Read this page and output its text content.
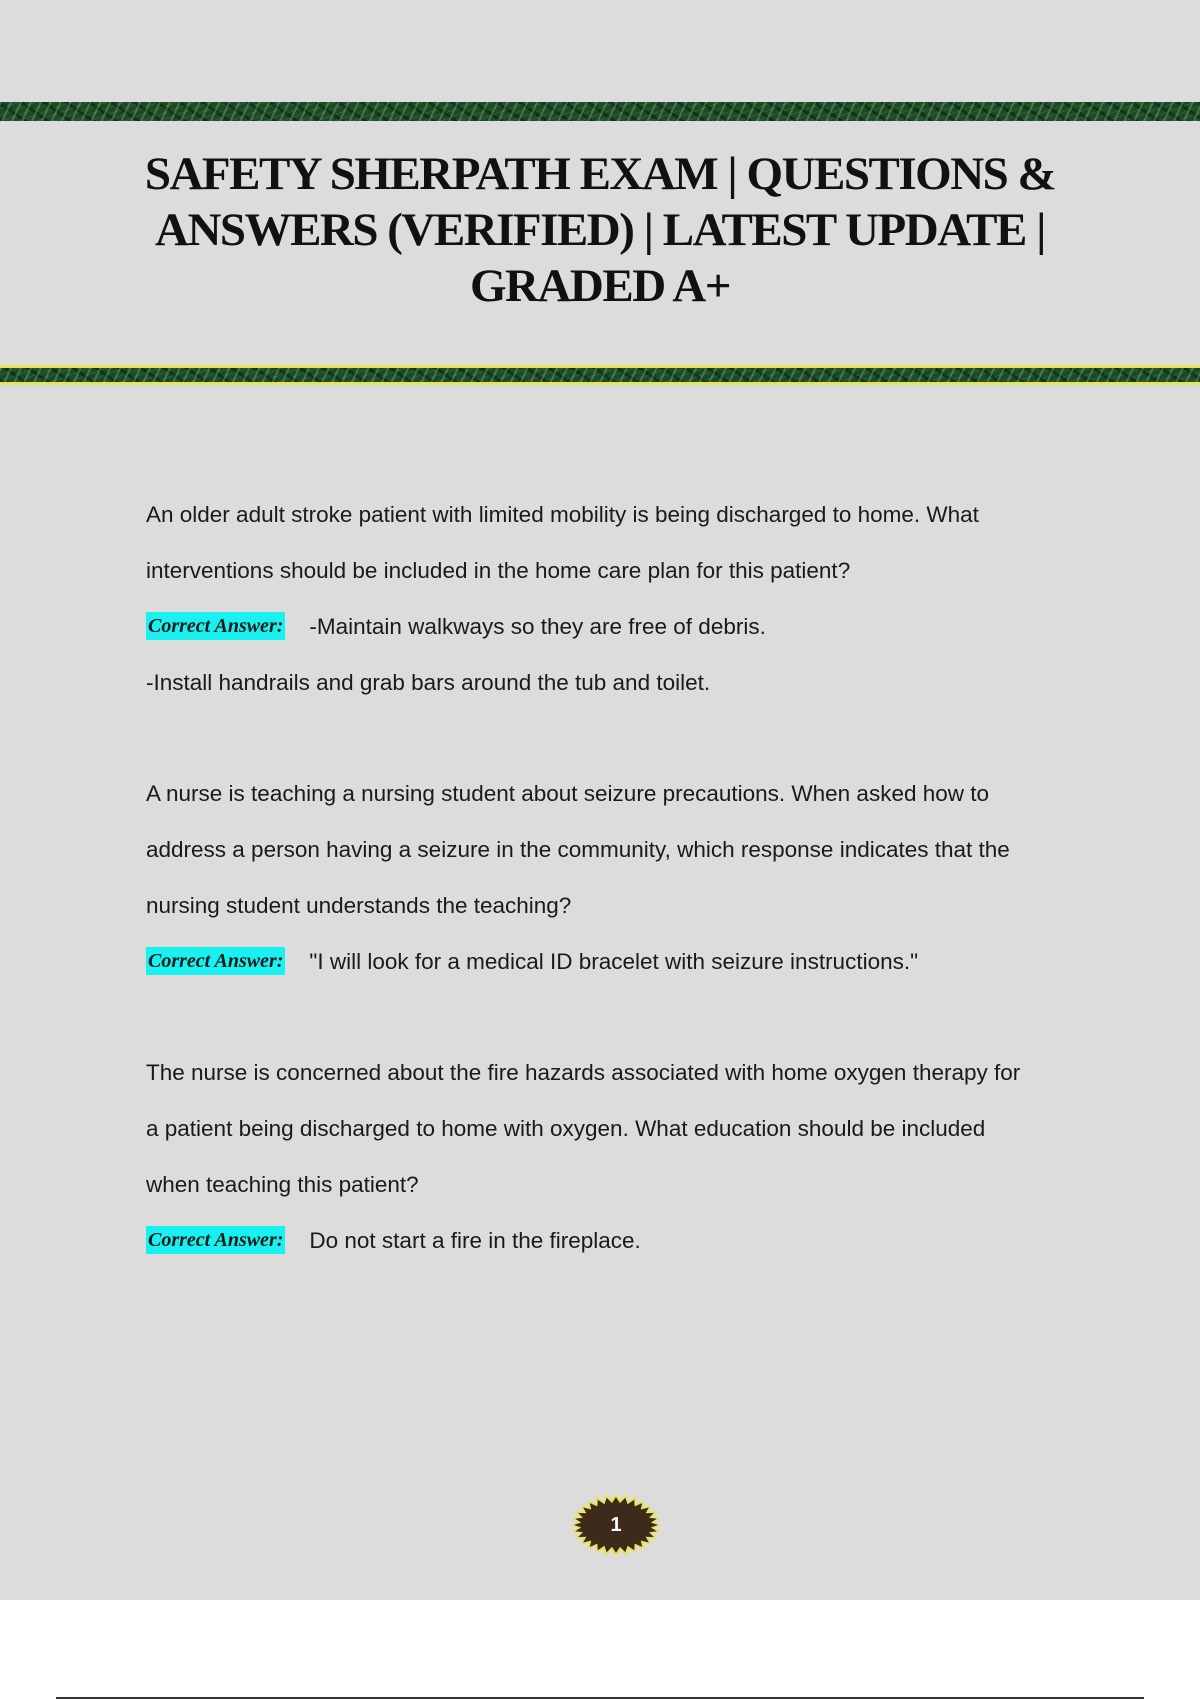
SAFETY SHERPATH EXAM | QUESTIONS & ANSWERS (VERIFIED) | LATEST UPDATE | GRADED A+
An older adult stroke patient with limited mobility is being discharged to home. What
interventions should be included in the home care plan for this patient?
Correct Answer: -Maintain walkways so they are free of debris.
-Install handrails and grab bars around the tub and toilet.
A nurse is teaching a nursing student about seizure precautions. When asked how to
address a person having a seizure in the community, which response indicates that the
nursing student understands the teaching?
Correct Answer: "I will look for a medical ID bracelet with seizure instructions."
The nurse is concerned about the fire hazards associated with home oxygen therapy for
a patient being discharged to home with oxygen. What education should be included
when teaching this patient?
Correct Answer: Do not start a fire in the fireplace.
1
